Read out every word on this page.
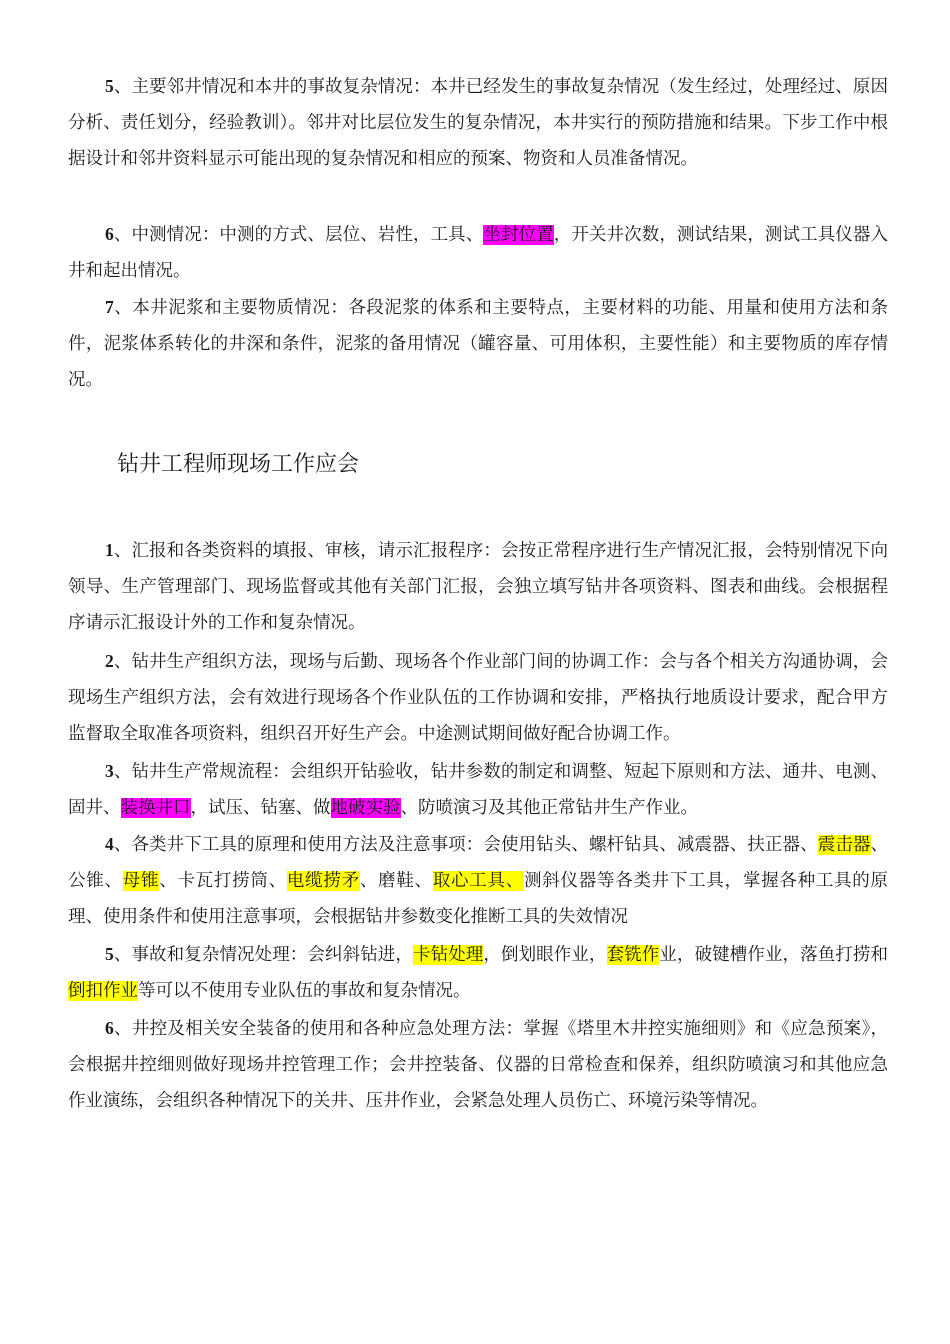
5、主要邻井情况和本井的事故复杂情况：本井已经发生的事故复杂情况（发生经过，处理经过、原因分析、责任划分，经验教训）。邻井对比层位发生的复杂情况，本井实行的预防措施和结果。下步工作中根据设计和邻井资料显示可能出现的复杂情况和相应的预案、物资和人员准备情况。

6、中测情况：中测的方式、层位、岩性，工具、坐封位置，开关井次数，测试结果，测试工具仪器入井和起出情况。

7、本井泥浆和主要物质情况：各段泥浆的体系和主要特点，主要材料的功能、用量和使用方法和条件，泥浆体系转化的井深和条件，泥浆的备用情况（罐容量、可用体积，主要性能）和主要物质的库存情况。

钻井工程师现场工作应会

1、汇报和各类资料的填报、审核，请示汇报程序：会按正常程序进行生产情况汇报，会特别情况下向领导、生产管理部门、现场监督或其他有关部门汇报，会独立填写钻井各项资料、图表和曲线。会根据程序请示汇报设计外的工作和复杂情况。

2、钻井生产组织方法，现场与后勤、现场各个作业部门间的协调工作：会与各个相关方沟通协调，会现场生产组织方法，会有效进行现场各个作业队伍的工作协调和安排，严格执行地质设计要求，配合甲方监督取全取准各项资料，组织召开好生产会。中途测试期间做好配合协调工作。

3、钻井生产常规流程：会组织开钻验收，钻井参数的制定和调整、短起下原则和方法、通井、电测、固井、装换井口，试压、钻塞、做地破实验、防喷演习及其他正常钻井生产作业。

4、各类井下工具的原理和使用方法及注意事项：会使用钻头、螺杆钻具、减震器、扶正器、震击器、公锥、母锥、卡瓦打捞筒、电缆捞矛、磨鞋、取心工具、测斜仪器等各类井下工具，掌握各种工具的原理、使用条件和使用注意事项，会根据钻井参数变化推断工具的失效情况

5、事故和复杂情况处理：会纠斜钻进，卡钻处理，倒划眼作业，套铣作业，破键槽作业，落鱼打捞和倒扣作业等可以不使用专业队伍的事故和复杂情况。

6、井控及相关安全装备的使用和各种应急处理方法：掌握《塔里木井控实施细则》和《应急预案》，会根据井控细则做好现场井控管理工作；会井控装备、仪器的日常检查和保养，组织防喷演习和其他应急作业演练，会组织各种情况下的关井、压井作业，会紧急处理人员伤亡、环境污染等情况。
